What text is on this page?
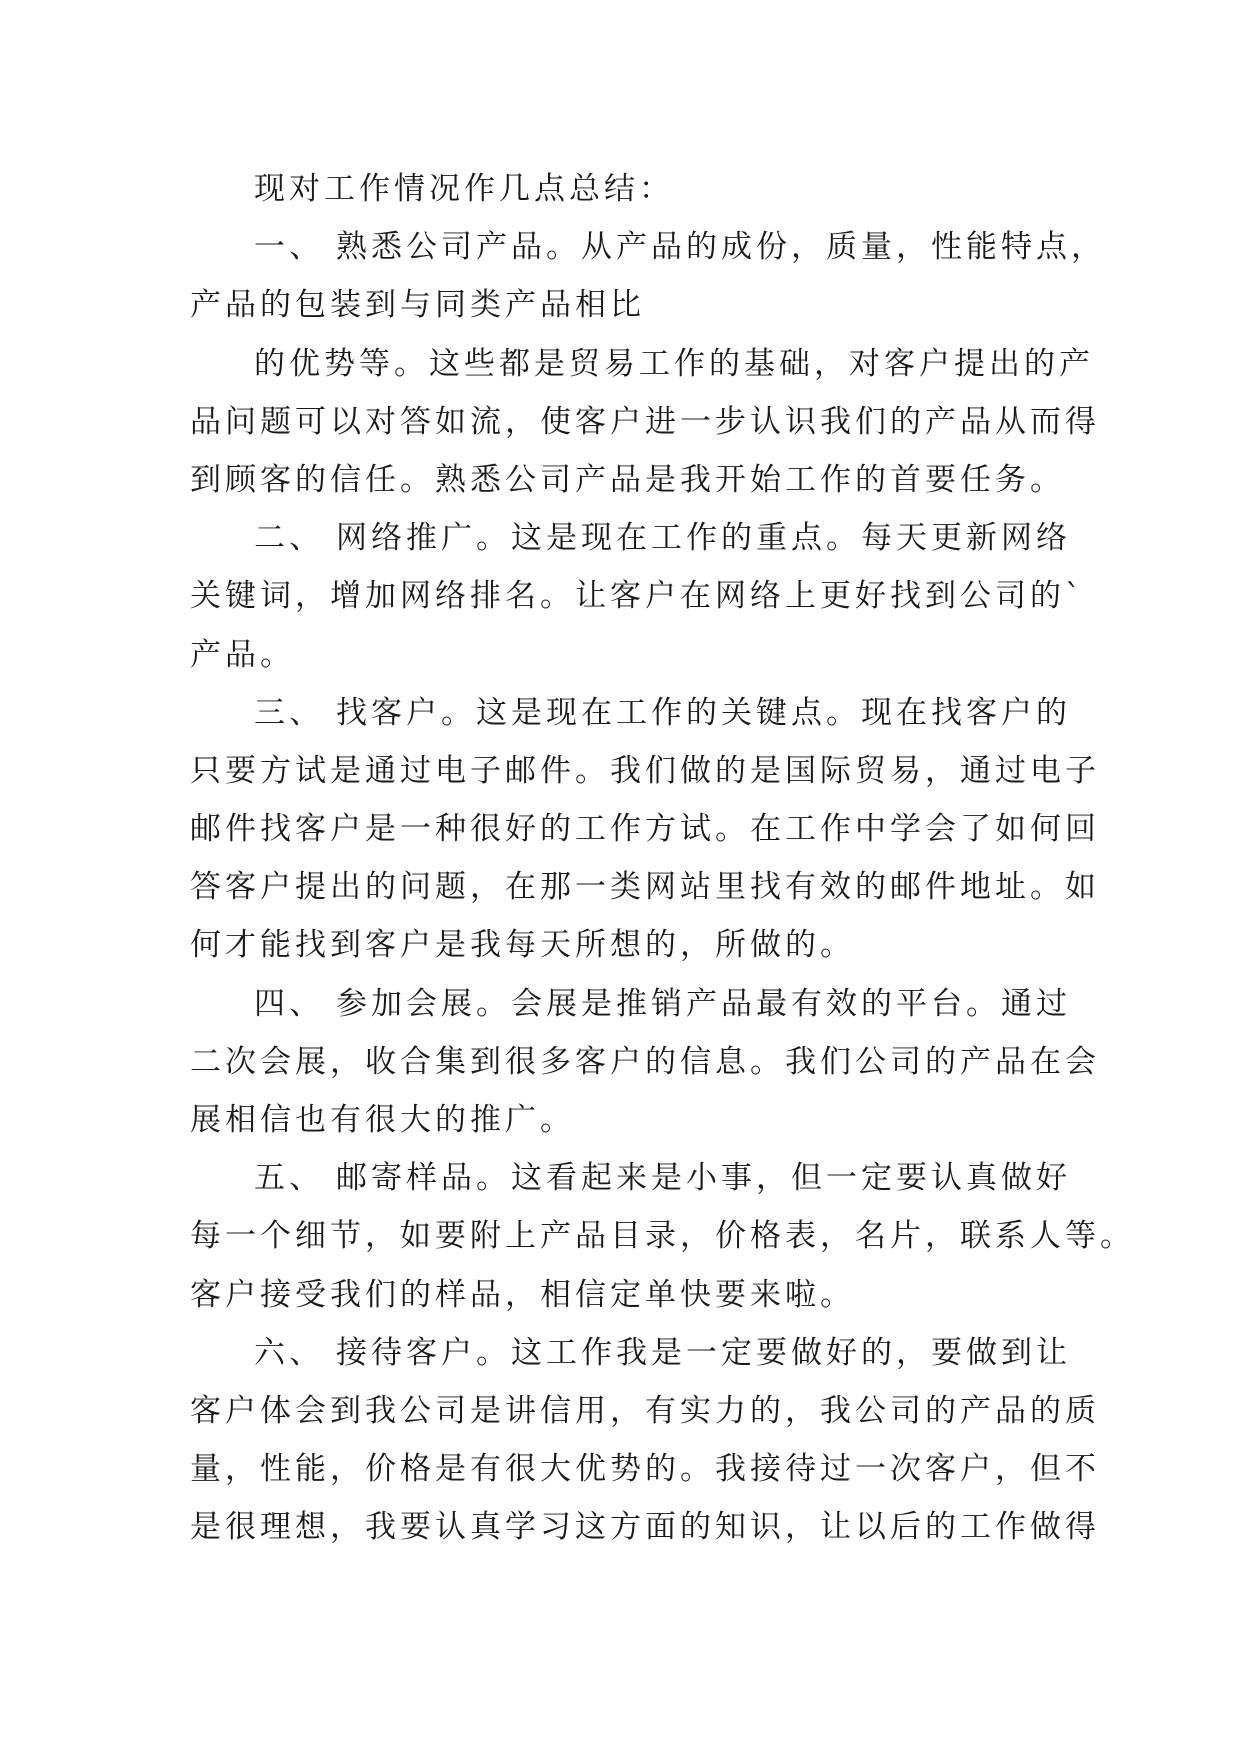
现对工作情况作几点总结：
一、 熟悉公司产品。从产品的成份，质量，性能特点，
产品的包装到与同类产品相比
的优势等。这些都是贸易工作的基础，对客户提出的产
品问题可以对答如流，使客户进一步认识我们的产品从而得
到顾客的信任。熟悉公司产品是我开始工作的首要任务。
二、 网络推广。这是现在工作的重点。每天更新网络
关键词，增加网络排名。让客户在网络上更好找到公司的`
产品。
三、 找客户。这是现在工作的关键点。现在找客户的
只要方试是通过电子邮件。我们做的是国际贸易，通过电子
邮件找客户是一种很好的工作方试。在工作中学会了如何回
答客户提出的问题，在那一类网站里找有效的邮件地址。如
何才能找到客户是我每天所想的，所做的。
四、 参加会展。会展是推销产品最有效的平台。通过
二次会展，收合集到很多客户的信息。我们公司的产品在会
展相信也有很大的推广。
五、 邮寄样品。这看起来是小事，但一定要认真做好
每一个细节，如要附上产品目录，价格表，名片，联系人等。
客户接受我们的样品，相信定单快要来啦。
六、 接待客户。这工作我是一定要做好的，要做到让
客户体会到我公司是讲信用，有实力的，我公司的产品的质
量，性能，价格是有很大优势的。我接待过一次客户，但不
是很理想，我要认真学习这方面的知识，让以后的工作做得
